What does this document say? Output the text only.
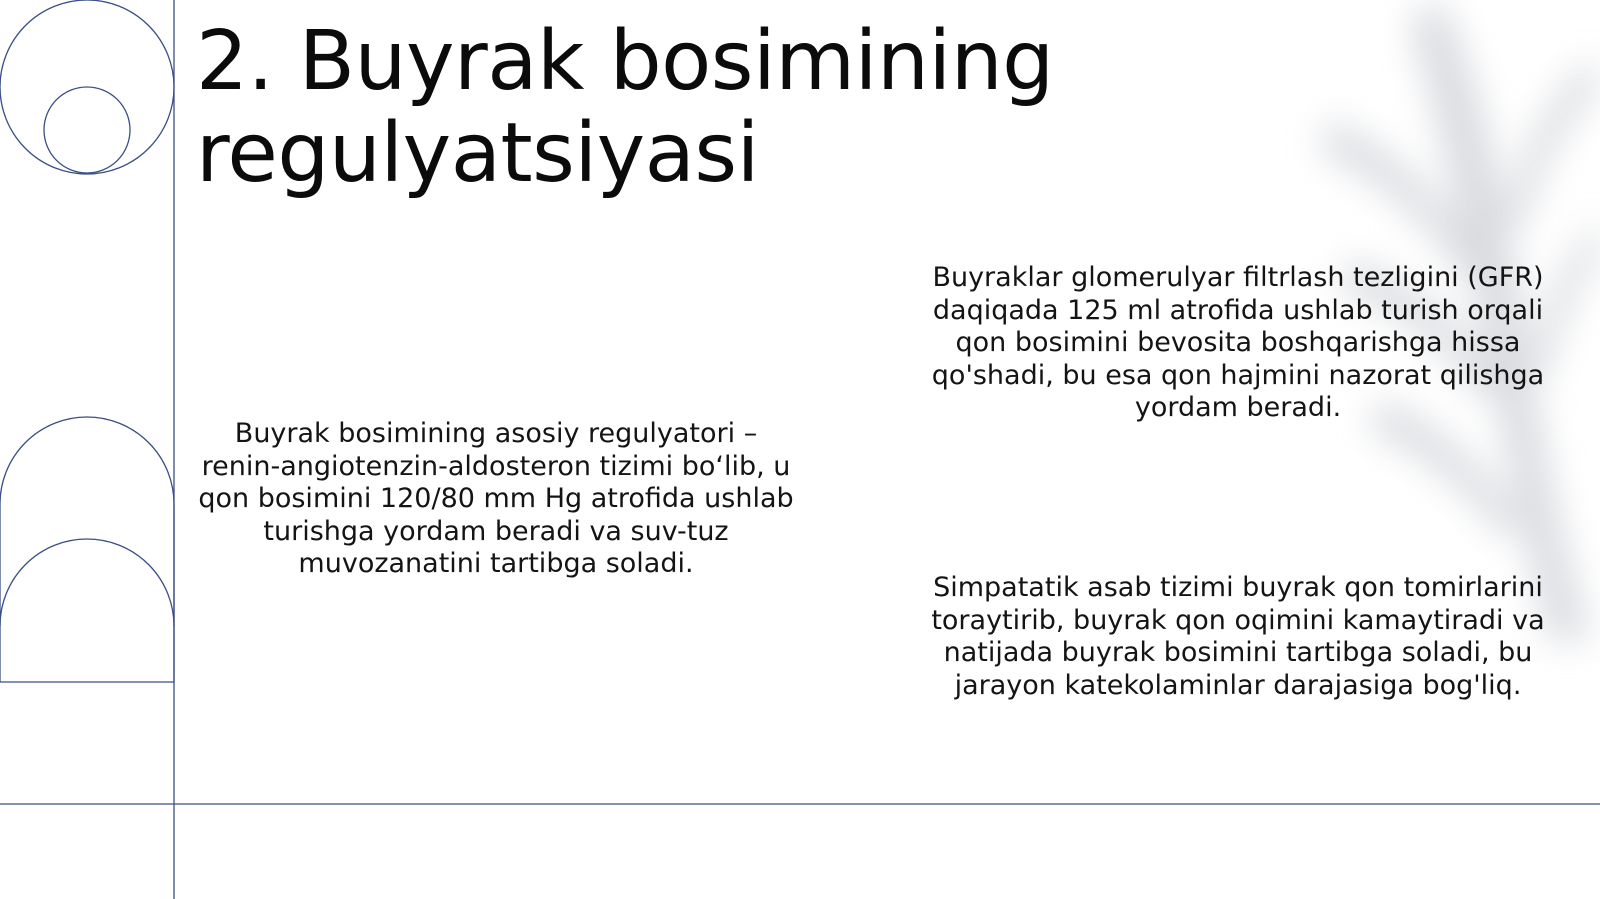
2. Buyrak bosimining regulyatsiyasi

Buyrak bosimining asosiy regulyatori – renin-angiotenzin-aldosteron tizimi bo‘lib, u qon bosimini 120/80 mm Hg atrofida ushlab turishga yordam beradi va suv-tuz muvozanatini tartibga soladi.

Buyraklar glomerulyar filtrlash tezligini (GFR) daqiqada 125 ml atrofida ushlab turish orqali qon bosimini bevosita boshqarishga hissa qo'shadi, bu esa qon hajmini nazorat qilishga yordam beradi.

Simpatatik asab tizimi buyrak qon tomirlarini toraytirib, buyrak qon oqimini kamaytiradi va natijada buyrak bosimini tartibga soladi, bu jarayon katekolaminlar darajasiga bog'liq.
